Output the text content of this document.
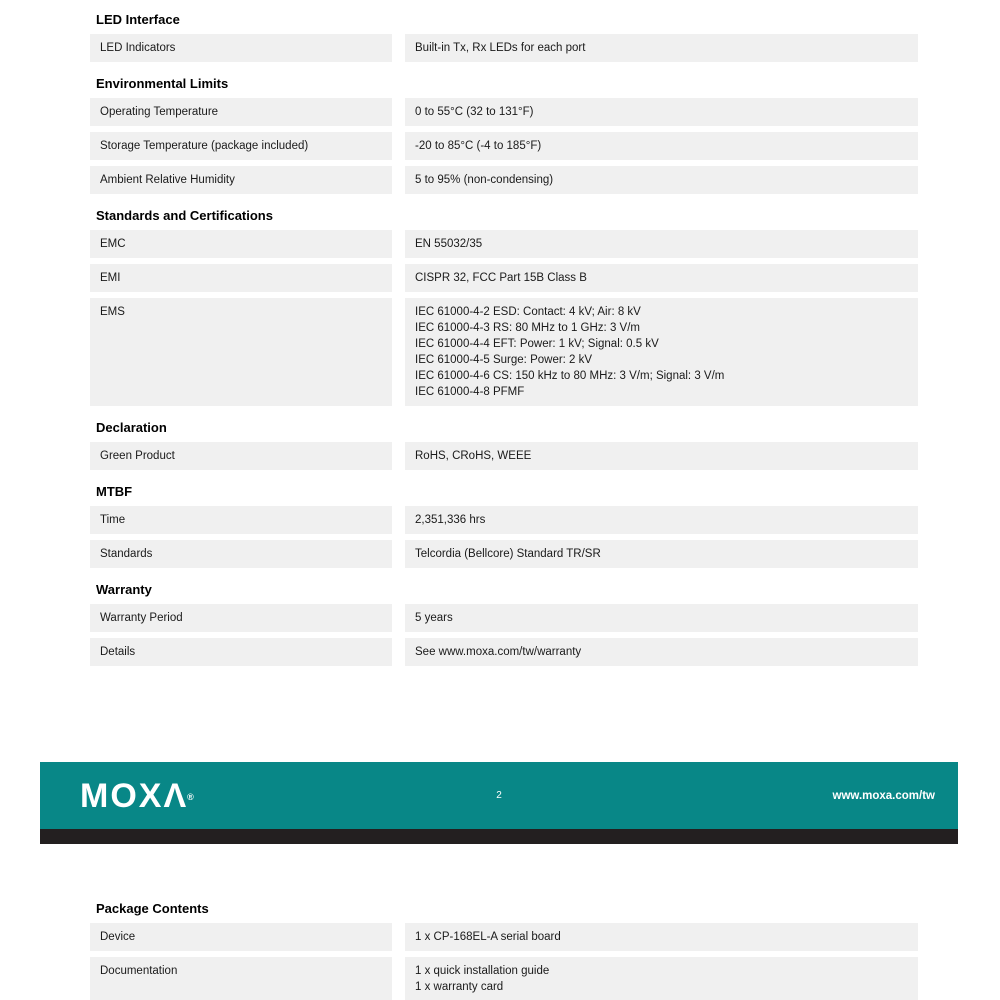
LED Interface
LED Indicators	Built-in Tx, Rx LEDs for each port
Environmental Limits
Operating Temperature	0 to 55°C (32 to 131°F)
Storage Temperature (package included)	-20 to 85°C (-4 to 185°F)
Ambient Relative Humidity	5 to 95% (non-condensing)
Standards and Certifications
EMC	EN 55032/35
EMI	CISPR 32, FCC Part 15B Class B
EMS	IEC 61000-4-2 ESD: Contact: 4 kV; Air: 8 kV
IEC 61000-4-3 RS: 80 MHz to 1 GHz: 3 V/m
IEC 61000-4-4 EFT: Power: 1 kV; Signal: 0.5 kV
IEC 61000-4-5 Surge: Power: 2 kV
IEC 61000-4-6 CS: 150 kHz to 80 MHz: 3 V/m; Signal: 3 V/m
IEC 61000-4-8 PFMF
Declaration
Green Product	RoHS, CRoHS, WEEE
MTBF
Time	2,351,336 hrs
Standards	Telcordia (Bellcore) Standard TR/SR
Warranty
Warranty Period	5 years
Details	See www.moxa.com/tw/warranty
MOXΛ®	2	www.moxa.com/tw
Package Contents
Device	1 x CP-168EL-A serial board
Documentation	1 x quick installation guide
1 x warranty card
